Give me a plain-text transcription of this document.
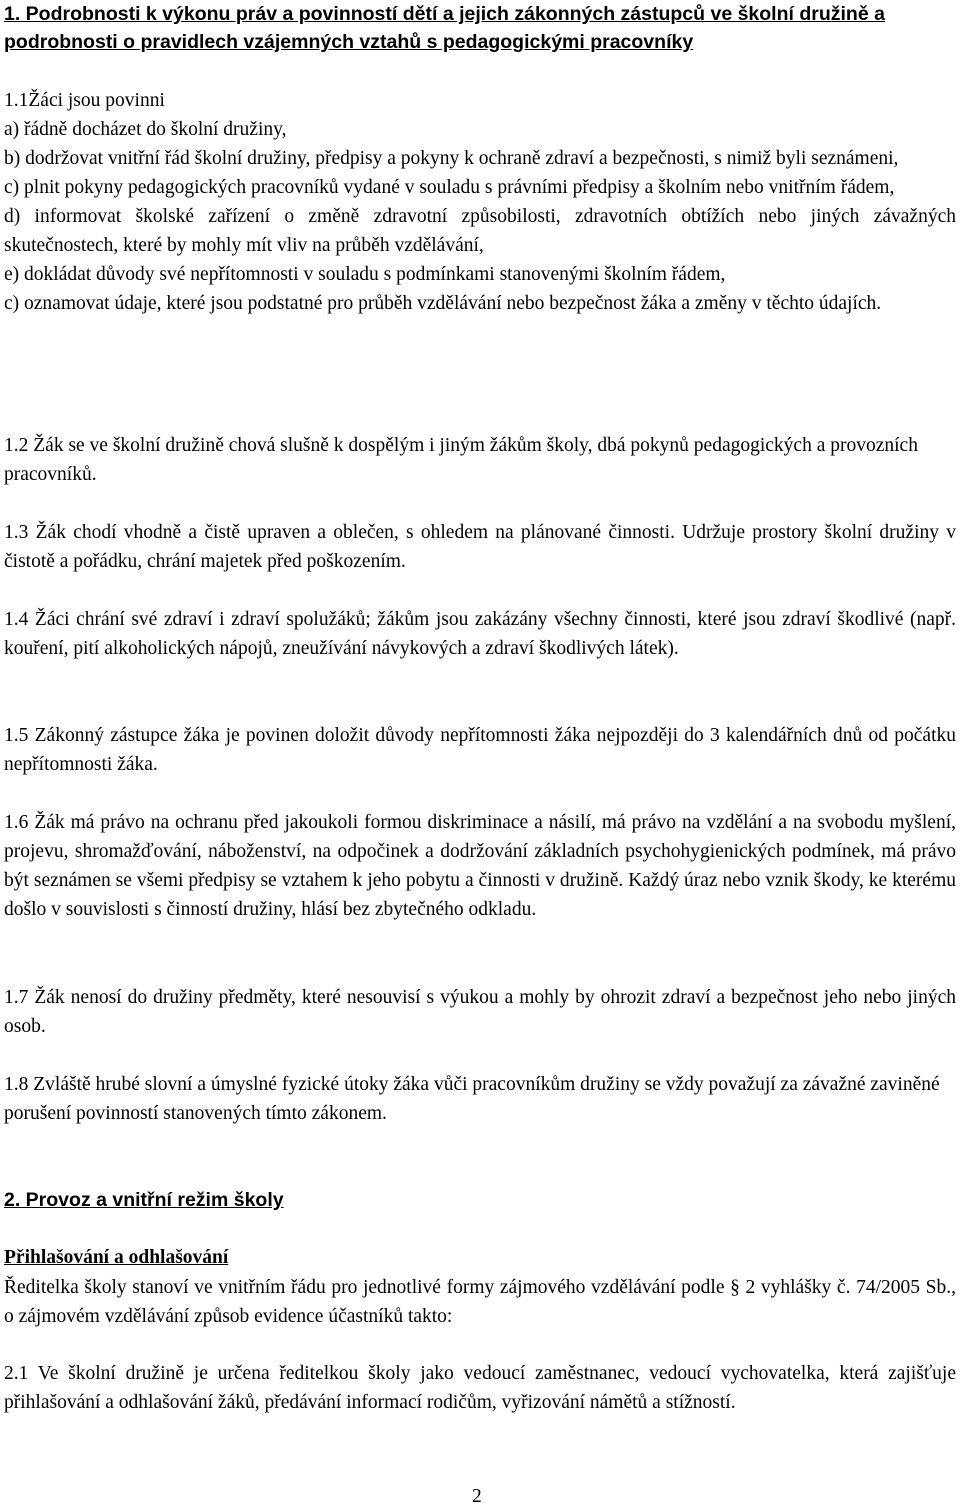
1. Podrobnosti k výkonu práv a povinností dětí a jejich zákonných zástupců ve školní družině a podrobnosti o pravidlech vzájemných vztahů s pedagogickými pracovníky
1.1Žáci jsou povinni
a) řádně docházet do školní družiny,
b) dodržovat vnitřní řád školní družiny, předpisy a pokyny k ochraně zdraví a bezpečnosti, s nimiž byli seznámeni,
c) plnit pokyny pedagogických pracovníků vydané v souladu s právními předpisy a školním nebo vnitřním řádem,
d) informovat školské zařízení o změně zdravotní způsobilosti, zdravotních obtížích nebo jiných závažných skutečnostech, které by mohly mít vliv na průběh vzdělávání,
e) dokládat důvody své nepřítomnosti v souladu s podmínkami stanovenými školním řádem,
c) oznamovat údaje, které jsou podstatné pro průběh vzdělávání nebo bezpečnost žáka a změny v těchto údajích.

1.2 Žák se ve školní družině chová slušně k dospělým i jiným žákům školy, dbá pokynů pedagogických a provozních pracovníků.

1.3 Žák chodí vhodně a čistě upraven a oblečen, s ohledem na plánované činnosti. Udržuje prostory školní družiny v čistotě a pořádku, chrání majetek před poškozením.

1.4 Žáci chrání své zdraví i zdraví spolužáků; žákům jsou zakázány všechny činnosti, které jsou zdraví škodlivé (např. kouření, pití alkoholických nápojů, zneužívání návykových a zdraví škodlivých látek).

1.5 Zákonný zástupce žáka je povinen doložit důvody nepřítomnosti žáka nejpozději do 3 kalendářních dnů od počátku nepřítomnosti žáka.

1.6 Žák má právo na ochranu před jakoukoli formou diskriminace a násilí, má právo na vzdělání a na svobodu myšlení, projevu, shromažďování, náboženství, na odpočinek a dodržování základních psychohygienických podmínek, má právo být seznámen se všemi předpisy se vztahem k jeho pobytu a činnosti v družině. Každý úraz nebo vznik škody, ke kterému došlo v souvislosti s činností družiny, hlásí bez zbytečného odkladu.

1.7 Žák nenosí do družiny předměty, které nesouvisí s výukou a mohly by ohrozit zdraví a bezpečnost jeho nebo jiných osob.

1.8 Zvláště hrubé slovní a úmyslné fyzické útoky žáka vůči pracovníkům družiny se vždy považují za závažné zaviněné porušení povinností stanovených tímto zákonem.

2. Provoz a vnitřní režim školy
Přihlašování a odhlašování

Ředitelka školy stanoví ve vnitřním řádu pro jednotlivé formy zájmového vzdělávání podle § 2 vyhlášky č. 74/2005 Sb., o zájmovém vzdělávání způsob evidence účastníků takto:

2.1 Ve školní družině je určena ředitelkou školy jako vedoucí zaměstnanec, vedoucí vychovatelka, která zajišťuje přihlašování a odhlašování žáků, předávání informací rodičům, vyřizování námětů a stížností.

2
